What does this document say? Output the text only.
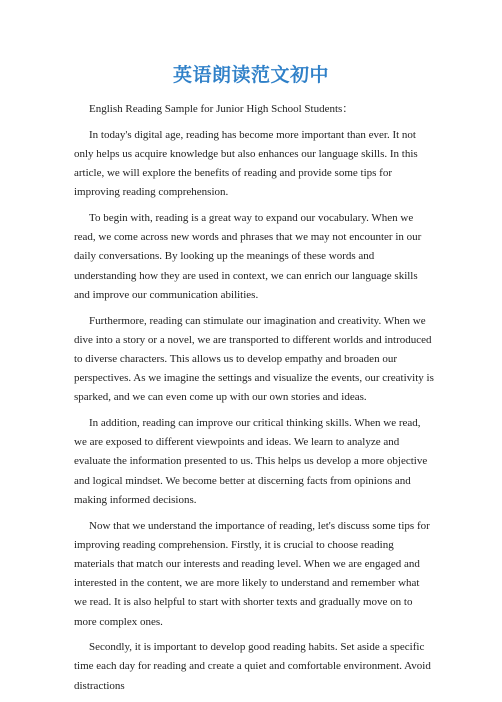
英语朗读范文初中

English Reading Sample for Junior High School Students：

In today's digital age, reading has become more important than ever. It not only helps us acquire knowledge but also enhances our language skills. In this article, we will explore the benefits of reading and provide some tips for improving reading comprehension.

To begin with, reading is a great way to expand our vocabulary. When we read, we come across new words and phrases that we may not encounter in our daily conversations. By looking up the meanings of these words and understanding how they are used in context, we can enrich our language skills and improve our communication abilities.

Furthermore, reading can stimulate our imagination and creativity. When we dive into a story or a novel, we are transported to different worlds and introduced to diverse characters. This allows us to develop empathy and broaden our perspectives. As we imagine the settings and visualize the events, our creativity is sparked, and we can even come up with our own stories and ideas.

In addition, reading can improve our critical thinking skills. When we read, we are exposed to different viewpoints and ideas. We learn to analyze and evaluate the information presented to us. This helps us develop a more objective and logical mindset. We become better at discerning facts from opinions and making informed decisions.

Now that we understand the importance of reading, let's discuss some tips for improving reading comprehension. Firstly, it is crucial to choose reading materials that match our interests and reading level. When we are engaged and interested in the content, we are more likely to understand and remember what we read. It is also helpful to start with shorter texts and gradually move on to more complex ones.

Secondly, it is important to develop good reading habits. Set aside a specific time each day for reading and create a quiet and comfortable environment. Avoid distractions
